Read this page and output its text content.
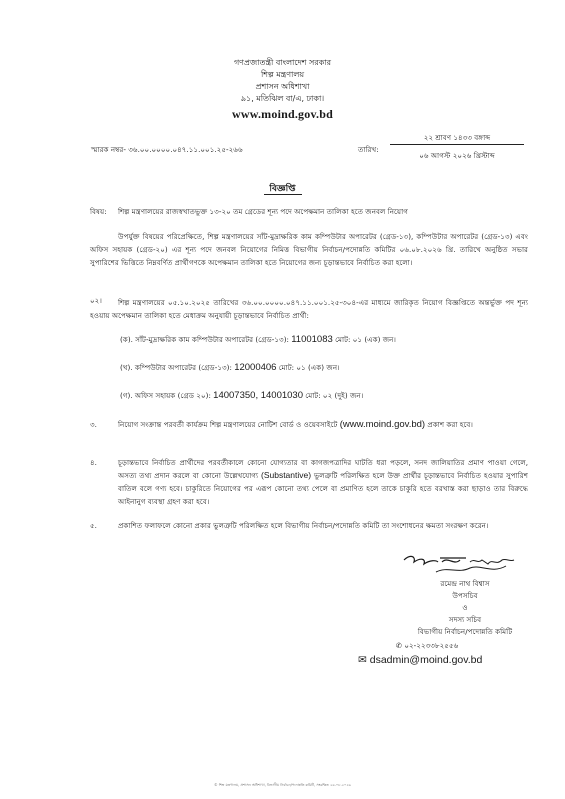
গণপ্রজাতন্ত্রী বাংলাদেশ সরকার
শিল্প মন্ত্রণালয়
প্রশাসন অধিশাখা
৯১, মতিঝিল বা/এ, ঢাকা।
www.moind.gov.bd
স্মারক নম্বর- ৩৬.০০.০০০০.০৪৭.১১.০০১.২৫-২৬৬	তারিখ:
২২ শ্রাবণ ১৪৩৩ বঙ্গাব্দ
০৬ আগস্ট ২০২৬ খ্রিস্টাব্দ
বিজ্ঞপ্তি
বিষয়: শিল্প মন্ত্রণালয়ের রাজস্বখাতভুক্ত ১৩-২০ তম গ্রেডের শূন্য পদে অপেক্ষমান তালিকা হতে জনবল নিয়োগ
উপর্যুক্ত বিষয়ের পরিপ্রেক্ষিতে, শিল্প মন্ত্রণালয়ের সাঁট-মুদ্রাক্ষরিক কাম কম্পিউটার অপারেটর (গ্রেড-১৩), কম্পিউটার অপারেটর (গ্রেড-১৩) এবং অফিস সহায়ক (গ্রেড-২০) এর শূন্য পদে জনবল নিয়োগের নিমিত্ত বিভাগীয় নির্বাচন/পদোন্নতি কমিটির ০৬.০৮.২০২৬ খ্রি. তারিখে অনুষ্ঠিত সভার সুপারিশের ভিত্তিতে নিম্নবর্ণিত প্রার্থীগণকে অপেক্ষমান তালিকা হতে নিয়োগের জন্য চূড়ান্তভাবে নির্বাচিত করা হলো।
০২।	শিল্প মন্ত্রণালয়ের ০৫.১০.২০২৫ তারিখের ৩৬.০০.০০০০.০৪৭.১১.০০১.২৫-৩০৪-এর মাধ্যমে জারিকৃত নিয়োগ বিজ্ঞপ্তিতে অন্তর্ভুক্ত পদ শূন্য হওয়ায় অপেক্ষমান তালিকা হতে মেধাক্রম অনুযায়ী চূড়ান্তভাবে নির্বাচিত প্রার্থী:
(ক). সাঁট-মুদ্রাক্ষরিক কাম কম্পিউটার অপারেটর (গ্রেড-১৩): 11001083 মোট: ০১ (এক) জন।
(খ). কম্পিউটার অপারেটর (গ্রেড-১৩): 12000406 মোট: ০১ (এক) জন।
(গ). অফিস সহায়ক (গ্রেড ২০): 14007350, 14001030 মোট: ০২ (দুই) জন।
৩.	নিয়োগ সংক্রান্ত পরবর্তী কার্যক্রম শিল্প মন্ত্রণালয়ের নোটিশ বোর্ড ও ওয়েবসাইটে (www.moind.gov.bd) প্রকাশ করা হবে।
৪.	চূড়ান্তভাবে নির্বাচিত প্রার্থীদের পরবর্তীকালে কোনো যোগ্যতার বা কাগজপত্রাদির ঘাটতি ধরা পড়লে, সনদ জালিয়াতির প্রমাণ পাওয়া গেলে, অসত্য তথ্য প্রদান করলে বা কোনো উল্লেখযোগ্য (Substantive) ভুলত্রুটি পরিলক্ষিত হলে উক্ত প্রার্থীর চূড়ান্তভাবে নির্বাচিত হওয়ার সুপারিশ বাতিল বলে গণ্য হবে। চাকুরিতে নিয়োগের পর এরূপ কোনো তথ্য পেলে বা প্রমাণিত হলে তাকে চাকুরি হতে বরখাস্ত করা ছাড়াও তার বিরুদ্ধে আইনানুগ ব্যবস্থা গ্রহণ করা হবে।
৫.	প্রকাশিত ফলাফলে কোনো প্রকার ভুলত্রুটি পরিলক্ষিত হলে বিভাগীয় নির্বাচন/পদোন্নতি কমিটি তা সংশোধনের ক্ষমতা সংরক্ষণ করেন।
রমেন্দ্র নাথ বিশ্বাস
উপসচিব
ও
সদস্য সচিব
বিভাগীয় নির্বাচন/পদোন্নতি কমিটি
✆ ০২-২২৩৩৮২৫৫৬
✉ dsadmin@moind.gov.bd
© শিল্প মন্ত্রণালয়, প্রশাসন অধিশাখা, বিভাগীয় নির্বাচন/পদোন্নতি কমিটি, সংরক্ষিত ২৬.০৮.২০২৬
